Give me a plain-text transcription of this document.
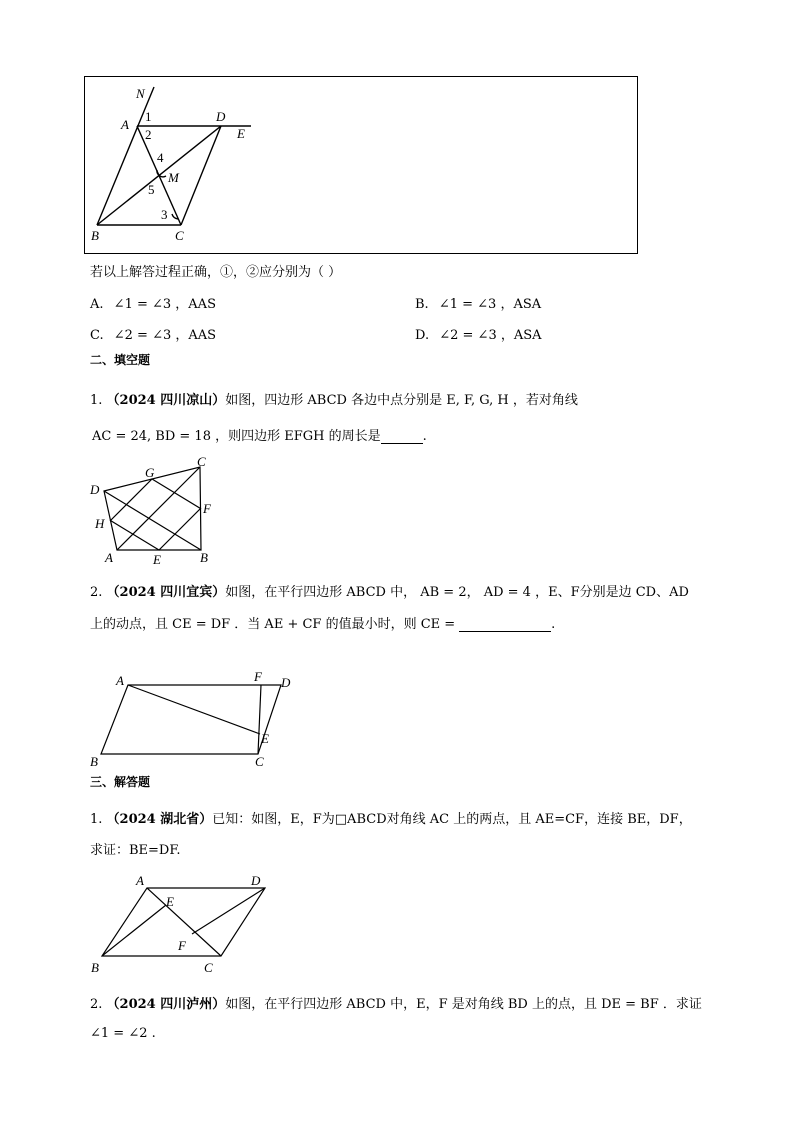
N
A
1
2
D
E
4
M
5
3
B	C
若以上解答过程正确，①，②应分别为（ ）
A. ∠1 = ∠3 ，AAS	B. ∠1 = ∠3 ，ASA
C. ∠2 = ∠3 ，AAS	D. ∠2 = ∠3 ，ASA
二、填空题
1. （2024 四川凉山）如图，四边形 ABCD 各边中点分别是 E, F, G, H ，若对角线
AC = 24, BD = 18 ，则四边形 EFGH 的周长是	.
G
C
D
F
H
A	E	B
2. （2024 四川宜宾）如图，在平行四边形 ABCD 中， AB = 2， AD = 4 ，E、F分别是边 CD、AD
上的动点，且 CE = DF ．当 AE + CF 的值最小时，则 CE =	.
A	F D
E
B	C
三、解答题
1. （2024 湖北省）已知：如图，E，F为□ABCD对角线 AC 上的两点，且 AE=CF，连接 BE，DF，
求证：BE=DF.
A	D
E
F
B	C
2. （2024 四川泸州）如图，在平行四边形 ABCD 中，E，F 是对角线 BD 上的点，且 DE = BF ．求证
∠1 = ∠2 .
